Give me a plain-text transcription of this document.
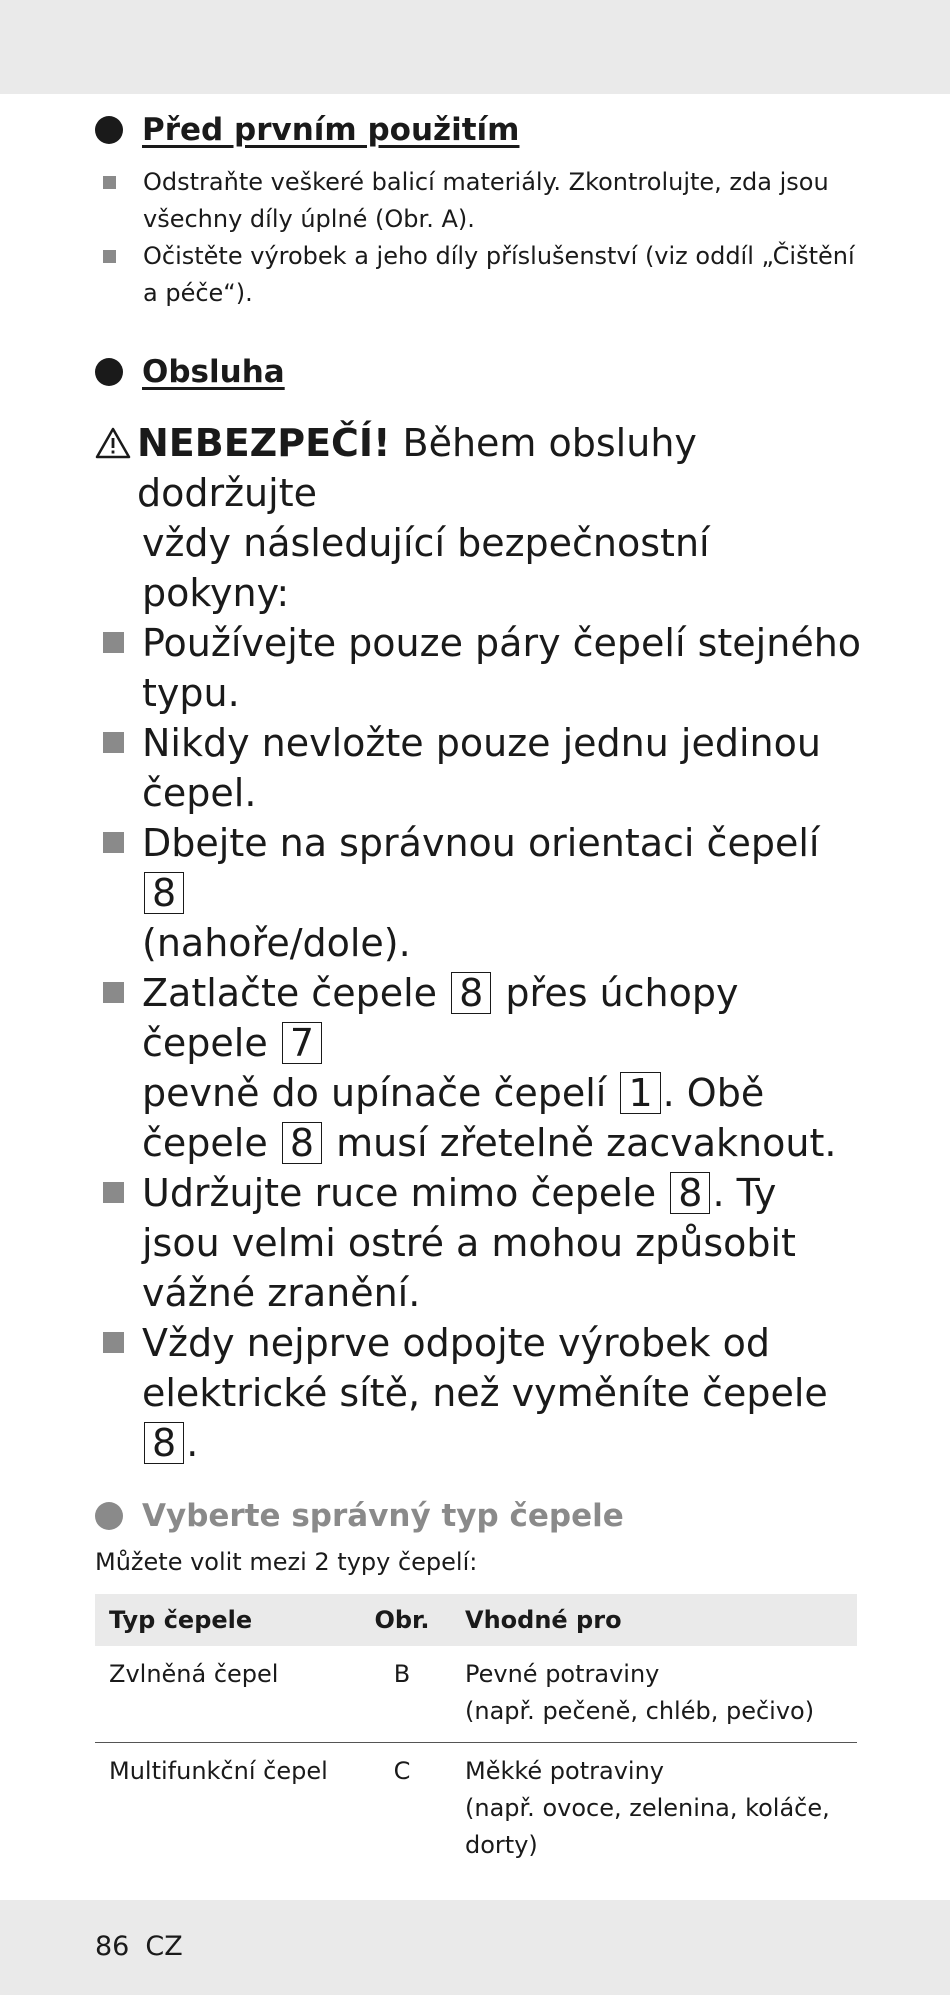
Před prvním použitím
Odstraňte veškeré balicí materiály. Zkontrolujte, zda jsou všechny díly úplné (Obr. A).
Očistěte výrobek a jeho díly příslušenství (viz oddíl „Čištění a péče“).
Obsluha
NEBEZPEČÍ! Během obsluhy dodržujte
vždy následující bezpečnostní pokyny:
Používejte pouze páry čepelí stejného typu.
Nikdy nevložte pouze jednu jedinou čepel.
Dbejte na správnou orientaci čepelí 8
(nahoře/dole).
Zatlačte čepele 8 přes úchopy čepele 7
pevně do upínače čepelí 1 . Obě čepele 8 musí zřetelně zacvaknout.
Udržujte ruce mimo čepele 8 . Ty jsou velmi ostré a mohou způsobit vážné zranění.
Vždy nejprve odpojte výrobek od elektrické sítě, než vyměníte čepele 8 .
Vyberte správný typ čepele
Můžete volit mezi 2 typy čepelí:
Typ čepele	Obr.	Vhodné pro
Zvlněná čepel	B	Pevné potraviny
(např. pečeně, chléb, pečivo)

Multifunkční čepel	C	Měkké potraviny
(např. ovoce, zelenina, koláče, dorty)
86 CZ
